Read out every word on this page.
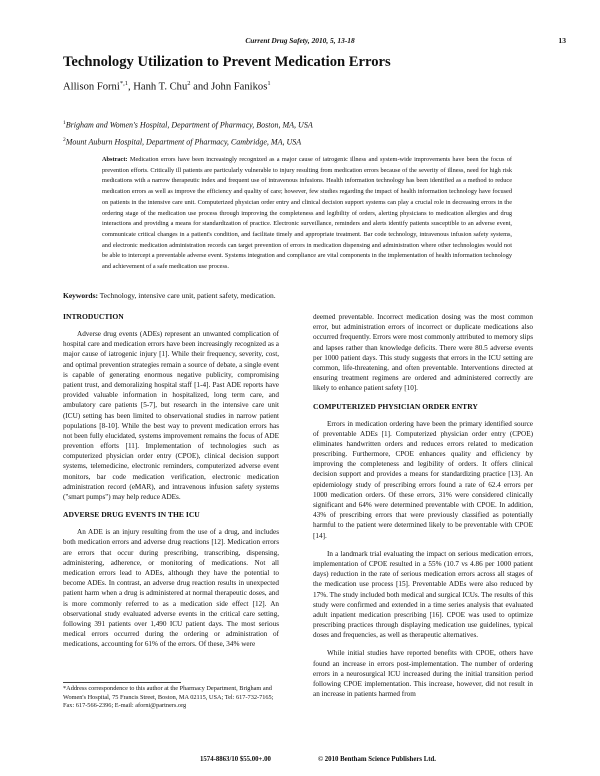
Current Drug Safety, 2010, 5, 13-18	13
Technology Utilization to Prevent Medication Errors
Allison Forni$^{*,1}$, Hanh T. Chu$^2$ and John Fanikos$^1$
$^1$Brigham and Women's Hospital, Department of Pharmacy, Boston, MA, USA
$^2$Mount Auburn Hospital, Department of Pharmacy, Cambridge, MA, USA
Abstract: Medication errors have been increasingly recognized as a major cause of iatrogenic illness and system-wide improvements have been the focus of prevention efforts. Critically ill patients are particularly vulnerable to injury resulting from medication errors because of the severity of illness, need for high risk medications with a narrow therapeutic index and frequent use of intravenous infusions. Health information technology has been identified as a method to reduce medication errors as well as improve the efficiency and quality of care; however, few studies regarding the impact of health information technology have focused on patients in the intensive care unit. Computerized physician order entry and clinical decision support systems can play a crucial role in decreasing errors in the ordering stage of the medication use process through improving the completeness and legibility of orders, alerting physicians to medication allergies and drug interactions and providing a means for standardization of practice. Electronic surveillance, reminders and alerts identify patients susceptible to an adverse event, communicate critical changes in a patient's condition, and facilitate timely and appropriate treatment. Bar code technology, intravenous infusion safety systems, and electronic medication administration records can target prevention of errors in medication dispensing and administration where other technologies would not be able to intercept a preventable adverse event. Systems integration and compliance are vital components in the implementation of health information technology and achievement of a safe medication use process.
Keywords: Technology, intensive care unit, patient safety, medication.
INTRODUCTION

Adverse drug events (ADEs) represent an unwanted complication of hospital care and medication errors have been increasingly recognized as a major cause of iatrogenic injury [1]. While their frequency, severity, cost, and optimal prevention strategies remain a source of debate, a single event is capable of generating enormous negative publicity, compromising patient trust, and demoralizing hospital staff [1-4]. Past ADE reports have provided valuable information in hospitalized, long term care, and ambulatory care patients [5-7], but research in the intensive care unit (ICU) setting has been limited to observational studies in narrow patient populations [8-10]. While the best way to prevent medication errors has not been fully elucidated, systems improvement remains the focus of ADE prevention efforts [11]. Implementation of technologies such as computerized physician order entry (CPOE), clinical decision support systems, telemedicine, electronic reminders, computerized adverse event monitors, bar code medication verification, electronic medication administration record (eMAR), and intravenous infusion safety systems ("smart pumps") may help reduce ADEs.

ADVERSE DRUG EVENTS IN THE ICU

An ADE is an injury resulting from the use of a drug, and includes both medication errors and adverse drug reactions [12]. Medication errors are errors that occur during prescribing, transcribing, dispensing, administering, adherence, or monitoring of medications. Not all medication errors lead to ADEs, although they have the potential to become ADEs. In contrast, an adverse drug reaction results in unexpected patient harm when a drug is administered at normal therapeutic doses, and is more commonly referred to as a medication side effect [12]. An observational study evaluated adverse events in the critical care setting, following 391 patients over 1,490 ICU patient days. The most serious medical errors occurred during the ordering or administration of medications, accounting for 61% of the errors. Of these, 34% were

deemed preventable. Incorrect medication dosing was the most common error, but administration errors of incorrect or duplicate medications also occurred frequently. Errors were most commonly attributed to memory slips and lapses rather than knowledge deficits. There were 80.5 adverse events per 1000 patient days. This study suggests that errors in the ICU setting are common, life-threatening, and often preventable. Interventions directed at ensuring treatment regimens are ordered and administered correctly are likely to enhance patient safety [10].

COMPUTERIZED PHYSICIAN ORDER ENTRY

Errors in medication ordering have been the primary identified source of preventable ADEs [1]. Computerized physician order entry (CPOE) eliminates handwritten orders and reduces errors related to medication prescribing. Furthermore, CPOE enhances quality and efficiency by improving the completeness and legibility of orders. It offers clinical decision support and provides a means for standardizing practice [13]. An epidemiology study of prescribing errors found a rate of 62.4 errors per 1000 medication orders. Of these errors, 31% were considered clinically significant and 64% were determined preventable with CPOE. In addition, 43% of prescribing errors that were previously classified as potentially harmful to the patient were determined likely to be preventable with CPOE [14].

In a landmark trial evaluating the impact on serious medication errors, implementation of CPOE resulted in a 55% (10.7 vs 4.86 per 1000 patient days) reduction in the rate of serious medication errors across all stages of the medication use process [15]. Preventable ADEs were also reduced by 17%. The study included both medical and surgical ICUs. The results of this study were confirmed and extended in a time series analysis that evaluated adult inpatient medication prescribing [16]. CPOE was used to optimize prescribing practices through displaying medication use guidelines, typical doses and frequencies, as well as therapeutic alternatives.

While initial studies have reported benefits with CPOE, others have found an increase in errors post-implementation. The number of ordering errors in a neurosurgical ICU increased during the initial transition period following CPOE implementation. This increase, however, did not result in an increase in patients harmed from

*Address correspondence to this author at the Pharmacy Department, Brigham and Women's Hospital, 75 Francis Street, Boston, MA 02115, USA; Tel: 617-732-7165; Fax: 617-566-2396; E-mail: aforni@partners.org
1574-8863/10 $55.00+.00	© 2010 Bentham Science Publishers Ltd.
